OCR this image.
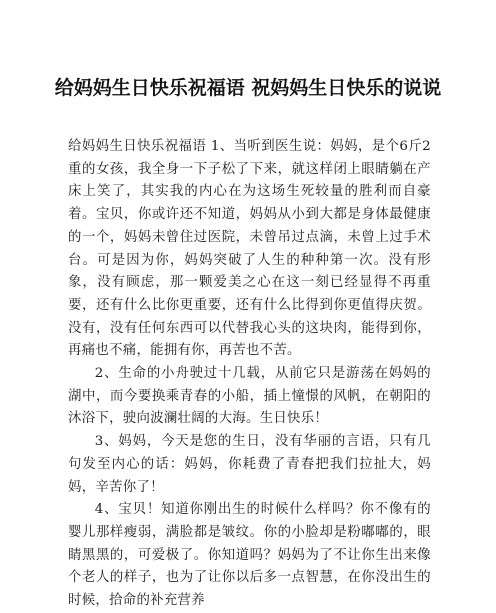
给妈妈生日快乐祝福语 祝妈妈生日快乐的说说

给妈妈生日快乐祝福语 1、当听到医生说：妈妈，是个6斤2重的女孩，我全身一下子松了下来，就这样闭上眼睛躺在产床上笑了，其实我的内心在为这场生死较量的胜利而自豪着。宝贝，你或许还不知道，妈妈从小到大都是身体最健康的一个，妈妈未曾住过医院，未曾吊过点滴，未曾上过手术台。可是因为你，妈妈突破了人生的种种第一次。没有形象，没有顾虑，那一颗爱美之心在这一刻已经显得不再重要，还有什么比你更重要，还有什么比得到你更值得庆贺。没有，没有任何东西可以代替我心头的这块肉，能得到你，再痛也不痛，能拥有你，再苦也不苦。

2、生命的小舟驶过十几载，从前它只是游荡在妈妈的湖中，而今要换乘青春的小船，插上憧憬的风帆，在朝阳的沐浴下，驶向波澜壮阔的大海。生日快乐！

3、妈妈，今天是您的生日，没有华丽的言语，只有几句发至内心的话：妈妈，你耗费了青春把我们拉扯大，妈妈，辛苦你了！

4、宝贝！知道你刚出生的时候什么样吗？你不像有的婴儿那样瘦弱，满脸都是皱纹。你的小脸却是粉嘟嘟的，眼睛黑黑的，可爱极了。你知道吗？妈妈为了不让你生出来像个老人的样子，也为了让你以后多一点智慧，在你没出生的时候，拾命的补充营养
